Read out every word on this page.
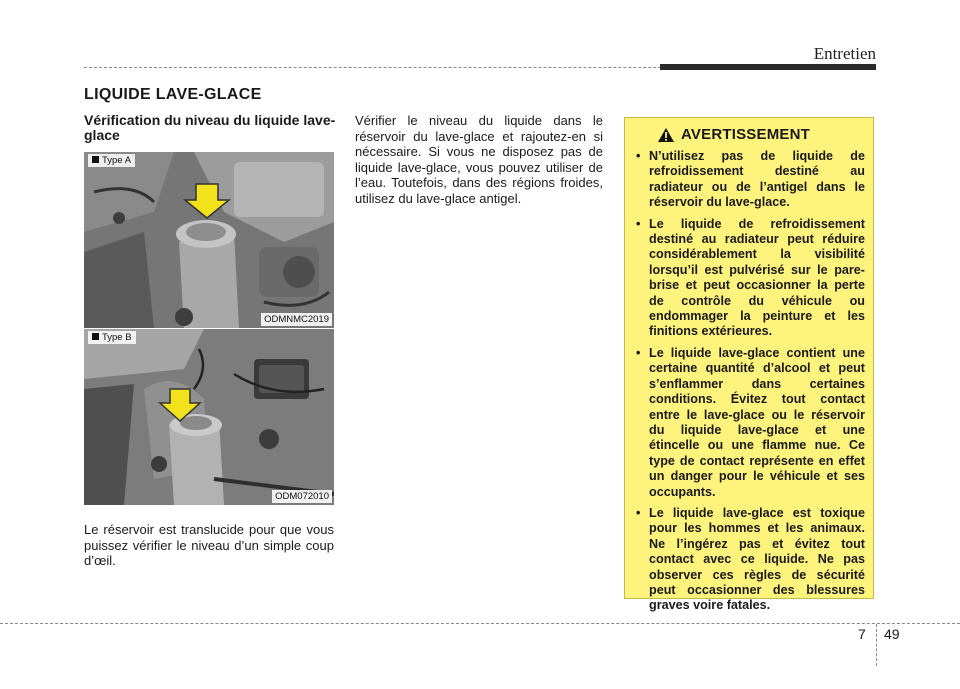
Entretien
LIQUIDE LAVE-GLACE
Vérification du niveau du liquide lave-glace
Type A
ODMNMC2019
Type B
ODM072010

Le réservoir est translucide pour que vous puissez vérifier le niveau d’un simple coup d’œil.

Vérifier le niveau du liquide dans le réservoir du lave-glace et rajoutez-en si nécessaire. Si vous ne disposez pas de liquide lave-glace, vous pouvez utiliser de l’eau. Toutefois, dans des régions froides, utilisez du lave-glace antigel.

AVERTISSEMENT
• N’utilisez pas de liquide de refroidissement destiné au radiateur ou de l’antigel dans le réservoir du lave-glace.
• Le liquide de refroidissement destiné au radiateur peut réduire considérablement la visibilité lorsqu’il est pulvérisé sur le pare-brise et peut occasionner la perte de contrôle du véhicule ou endommager la peinture et les finitions extérieures.
• Le liquide lave-glace contient une certaine quantité d’alcool et peut s’enflammer dans certaines conditions. Évitez tout contact entre le lave-glace ou le réservoir du liquide lave-glace et une étincelle ou une flamme nue. Ce type de contact représente en effet un danger pour le véhicule et ses occupants.
• Le liquide lave-glace est toxique pour les hommes et les animaux. Ne l’ingérez pas et évitez tout contact avec ce liquide. Ne pas observer ces règles de sécurité peut occasionner des blessures graves voire fatales.
7 49
